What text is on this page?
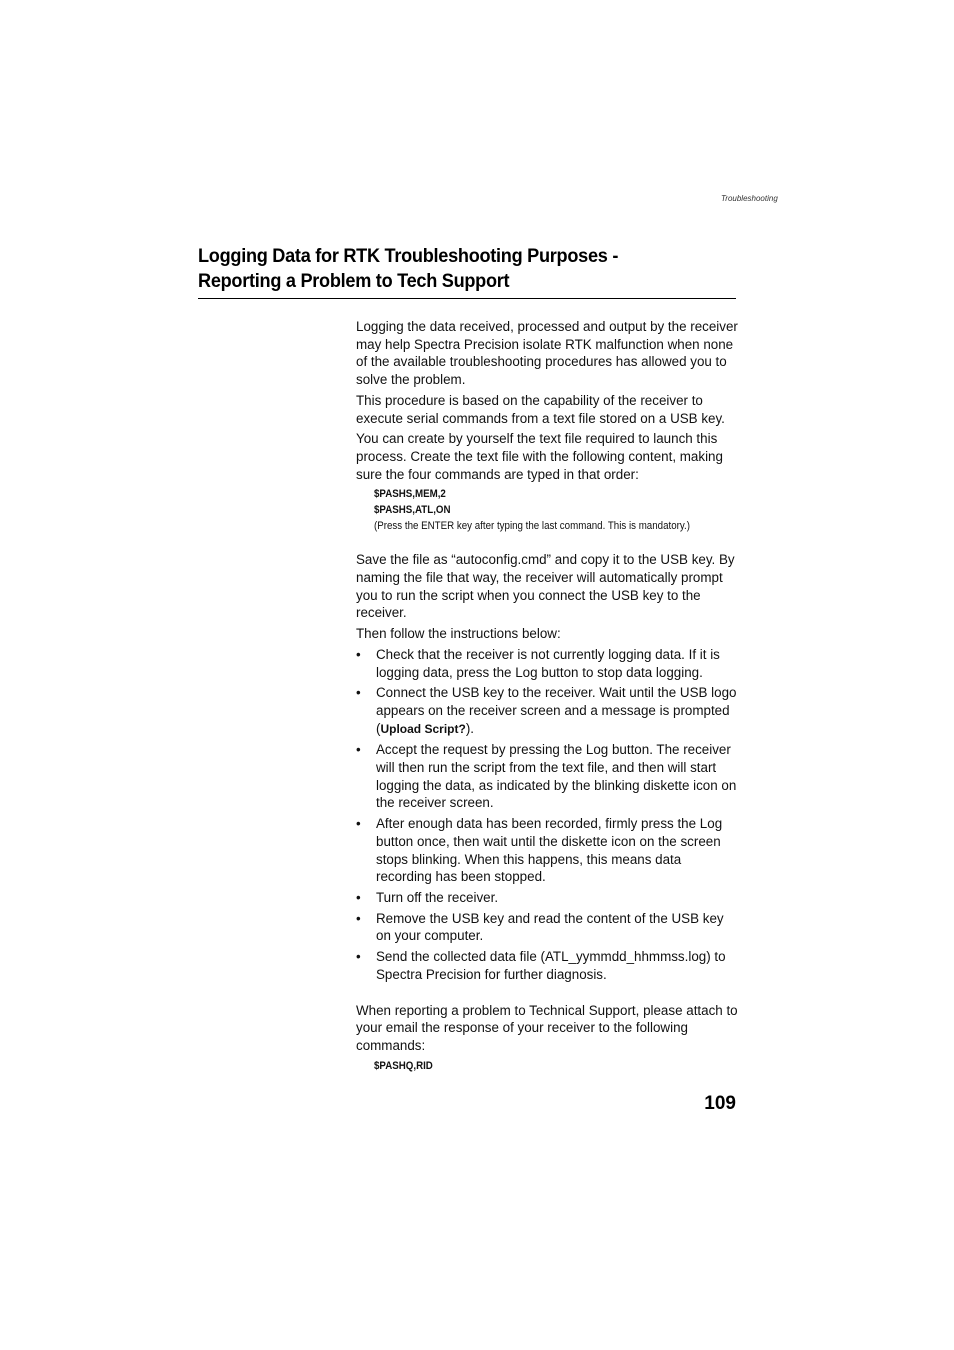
Troubleshooting
Logging Data for RTK Troubleshooting Purposes - Reporting a Problem to Tech Support

Logging the data received, processed and output by the receiver may help Spectra Precision isolate RTK malfunction when none of the available troubleshooting procedures has allowed you to solve the problem.

This procedure is based on the capability of the receiver to execute serial commands from a text file stored on a USB key.

You can create by yourself the text file required to launch this process. Create the text file with the following content, making sure the four commands are typed in that order:

$PASHS,MEM,2
$PASHS,ATL,ON
(Press the ENTER key after typing the last command. This is mandatory.)

Save the file as “autoconfig.cmd” and copy it to the USB key. By naming the file that way, the receiver will automatically prompt you to run the script when you connect the USB key to the receiver.

Then follow the instructions below:

• Check that the receiver is not currently logging data. If it is logging data, press the Log button to stop data logging.
• Connect the USB key to the receiver. Wait until the USB logo appears on the receiver screen and a message is prompted (Upload Script?).
• Accept the request by pressing the Log button. The receiver will then run the script from the text file, and then will start logging the data, as indicated by the blinking diskette icon on the receiver screen.
• After enough data has been recorded, firmly press the Log button once, then wait until the diskette icon on the screen stops blinking. When this happens, this means data recording has been stopped.
• Turn off the receiver.
• Remove the USB key and read the content of the USB key on your computer.
• Send the collected data file (ATL_yymmdd_hhmmss.log) to Spectra Precision for further diagnosis.

When reporting a problem to Technical Support, please attach to your email the response of your receiver to the following commands:

$PASHQ,RID
109
